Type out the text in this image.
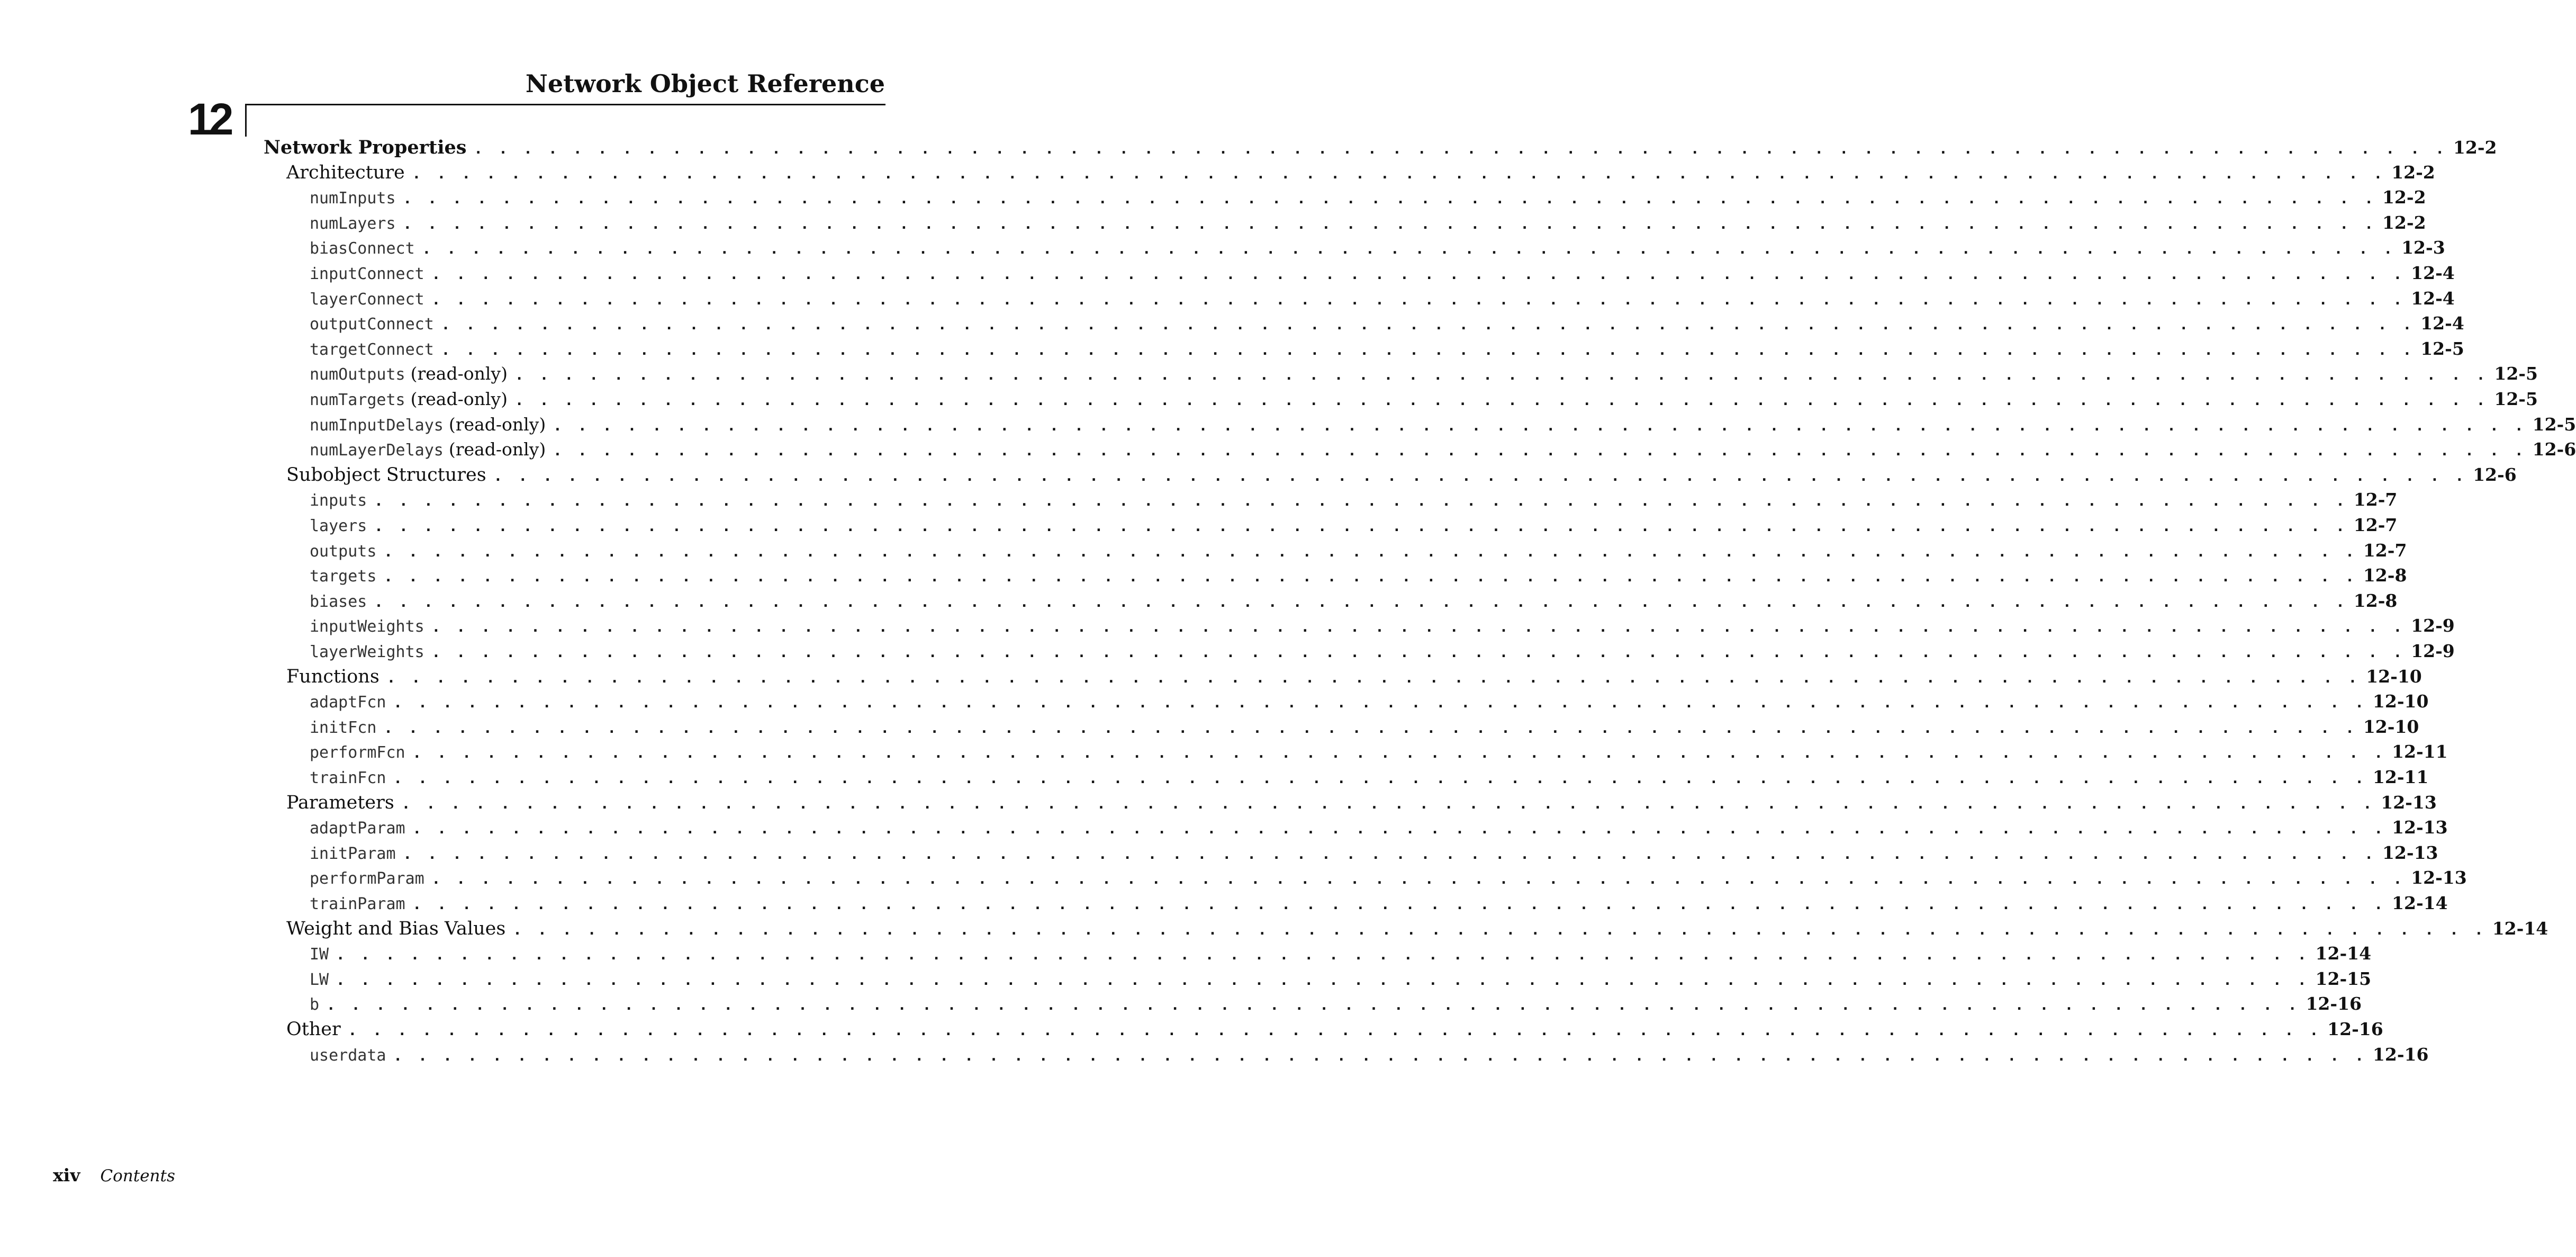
Network Object Reference
12
Network Properties . . . . . . . . . . . . . . . . . . . . . . . . . . . . . . . . . . . . . . . . . . . . . . . . . . . . . . . . . . . . . . . . . . . . . . . . . . . . . . . . 12-2
Architecture . . . . . . . . . . . . . . . . . . . . . . . . . . . . . . . . . . . . . . . . . . . . . . . . . . . . . . . . . . . . . . . . . . . . . . . . . . . . . . . . 12-2
numInputs . . . . . . . . . . . . . . . . . . . . . . . . . . . . . . . . . . . . . . . . . . . . . . . . . . . . . . . . . . . . . . . . . . . . . . . . . . . . . . . . 12-2
numLayers . . . . . . . . . . . . . . . . . . . . . . . . . . . . . . . . . . . . . . . . . . . . . . . . . . . . . . . . . . . . . . . . . . . . . . . . . . . . . . . . 12-2
biasConnect . . . . . . . . . . . . . . . . . . . . . . . . . . . . . . . . . . . . . . . . . . . . . . . . . . . . . . . . . . . . . . . . . . . . . . . . . . . . . . . . 12-3
inputConnect . . . . . . . . . . . . . . . . . . . . . . . . . . . . . . . . . . . . . . . . . . . . . . . . . . . . . . . . . . . . . . . . . . . . . . . . . . . . . . . . 12-4
layerConnect . . . . . . . . . . . . . . . . . . . . . . . . . . . . . . . . . . . . . . . . . . . . . . . . . . . . . . . . . . . . . . . . . . . . . . . . . . . . . . . . 12-4
outputConnect . . . . . . . . . . . . . . . . . . . . . . . . . . . . . . . . . . . . . . . . . . . . . . . . . . . . . . . . . . . . . . . . . . . . . . . . . . . . . . . . 12-4
targetConnect . . . . . . . . . . . . . . . . . . . . . . . . . . . . . . . . . . . . . . . . . . . . . . . . . . . . . . . . . . . . . . . . . . . . . . . . . . . . . . . . 12-5
numOutputs (read-only) . . . . . . . . . . . . . . . . . . . . . . . . . . . . . . . . . . . . . . . . . . . . . . . . . . . . . . . . . . . . . . . . . . . . . . . . . . . . . . . . 12-5
numTargets (read-only) . . . . . . . . . . . . . . . . . . . . . . . . . . . . . . . . . . . . . . . . . . . . . . . . . . . . . . . . . . . . . . . . . . . . . . . . . . . . . . . . 12-5
numInputDelays (read-only) . . . . . . . . . . . . . . . . . . . . . . . . . . . . . . . . . . . . . . . . . . . . . . . . . . . . . . . . . . . . . . . . . . . . . . . . . . . . . . . . 12-5
numLayerDelays (read-only) . . . . . . . . . . . . . . . . . . . . . . . . . . . . . . . . . . . . . . . . . . . . . . . . . . . . . . . . . . . . . . . . . . . . . . . . . . . . . . . . 12-6
Subobject Structures . . . . . . . . . . . . . . . . . . . . . . . . . . . . . . . . . . . . . . . . . . . . . . . . . . . . . . . . . . . . . . . . . . . . . . . . . . . . . . . . 12-6
inputs . . . . . . . . . . . . . . . . . . . . . . . . . . . . . . . . . . . . . . . . . . . . . . . . . . . . . . . . . . . . . . . . . . . . . . . . . . . . . . . . 12-7
layers . . . . . . . . . . . . . . . . . . . . . . . . . . . . . . . . . . . . . . . . . . . . . . . . . . . . . . . . . . . . . . . . . . . . . . . . . . . . . . . . 12-7
outputs . . . . . . . . . . . . . . . . . . . . . . . . . . . . . . . . . . . . . . . . . . . . . . . . . . . . . . . . . . . . . . . . . . . . . . . . . . . . . . . . 12-7
targets . . . . . . . . . . . . . . . . . . . . . . . . . . . . . . . . . . . . . . . . . . . . . . . . . . . . . . . . . . . . . . . . . . . . . . . . . . . . . . . . 12-8
biases . . . . . . . . . . . . . . . . . . . . . . . . . . . . . . . . . . . . . . . . . . . . . . . . . . . . . . . . . . . . . . . . . . . . . . . . . . . . . . . . 12-8
inputWeights . . . . . . . . . . . . . . . . . . . . . . . . . . . . . . . . . . . . . . . . . . . . . . . . . . . . . . . . . . . . . . . . . . . . . . . . . . . . . . . . 12-9
layerWeights . . . . . . . . . . . . . . . . . . . . . . . . . . . . . . . . . . . . . . . . . . . . . . . . . . . . . . . . . . . . . . . . . . . . . . . . . . . . . . . . 12-9
Functions . . . . . . . . . . . . . . . . . . . . . . . . . . . . . . . . . . . . . . . . . . . . . . . . . . . . . . . . . . . . . . . . . . . . . . . . . . . . . . . . 12-10
adaptFcn . . . . . . . . . . . . . . . . . . . . . . . . . . . . . . . . . . . . . . . . . . . . . . . . . . . . . . . . . . . . . . . . . . . . . . . . . . . . . . . . 12-10
initFcn . . . . . . . . . . . . . . . . . . . . . . . . . . . . . . . . . . . . . . . . . . . . . . . . . . . . . . . . . . . . . . . . . . . . . . . . . . . . . . . . 12-10
performFcn . . . . . . . . . . . . . . . . . . . . . . . . . . . . . . . . . . . . . . . . . . . . . . . . . . . . . . . . . . . . . . . . . . . . . . . . . . . . . . . . 12-11
trainFcn . . . . . . . . . . . . . . . . . . . . . . . . . . . . . . . . . . . . . . . . . . . . . . . . . . . . . . . . . . . . . . . . . . . . . . . . . . . . . . . . 12-11
Parameters . . . . . . . . . . . . . . . . . . . . . . . . . . . . . . . . . . . . . . . . . . . . . . . . . . . . . . . . . . . . . . . . . . . . . . . . . . . . . . . . 12-13
adaptParam . . . . . . . . . . . . . . . . . . . . . . . . . . . . . . . . . . . . . . . . . . . . . . . . . . . . . . . . . . . . . . . . . . . . . . . . . . . . . . . . 12-13
initParam . . . . . . . . . . . . . . . . . . . . . . . . . . . . . . . . . . . . . . . . . . . . . . . . . . . . . . . . . . . . . . . . . . . . . . . . . . . . . . . . 12-13
performParam . . . . . . . . . . . . . . . . . . . . . . . . . . . . . . . . . . . . . . . . . . . . . . . . . . . . . . . . . . . . . . . . . . . . . . . . . . . . . . . . 12-13
trainParam . . . . . . . . . . . . . . . . . . . . . . . . . . . . . . . . . . . . . . . . . . . . . . . . . . . . . . . . . . . . . . . . . . . . . . . . . . . . . . . . 12-14
Weight and Bias Values . . . . . . . . . . . . . . . . . . . . . . . . . . . . . . . . . . . . . . . . . . . . . . . . . . . . . . . . . . . . . . . . . . . . . . . . . . . . . . . . 12-14
IW . . . . . . . . . . . . . . . . . . . . . . . . . . . . . . . . . . . . . . . . . . . . . . . . . . . . . . . . . . . . . . . . . . . . . . . . . . . . . . . . 12-14
LW . . . . . . . . . . . . . . . . . . . . . . . . . . . . . . . . . . . . . . . . . . . . . . . . . . . . . . . . . . . . . . . . . . . . . . . . . . . . . . . . 12-15
b . . . . . . . . . . . . . . . . . . . . . . . . . . . . . . . . . . . . . . . . . . . . . . . . . . . . . . . . . . . . . . . . . . . . . . . . . . . . . . . . 12-16
Other . . . . . . . . . . . . . . . . . . . . . . . . . . . . . . . . . . . . . . . . . . . . . . . . . . . . . . . . . . . . . . . . . . . . . . . . . . . . . . . . 12-16
userdata . . . . . . . . . . . . . . . . . . . . . . . . . . . . . . . . . . . . . . . . . . . . . . . . . . . . . . . . . . . . . . . . . . . . . . . . . . . . . . . . 12-16
xiv Contents
